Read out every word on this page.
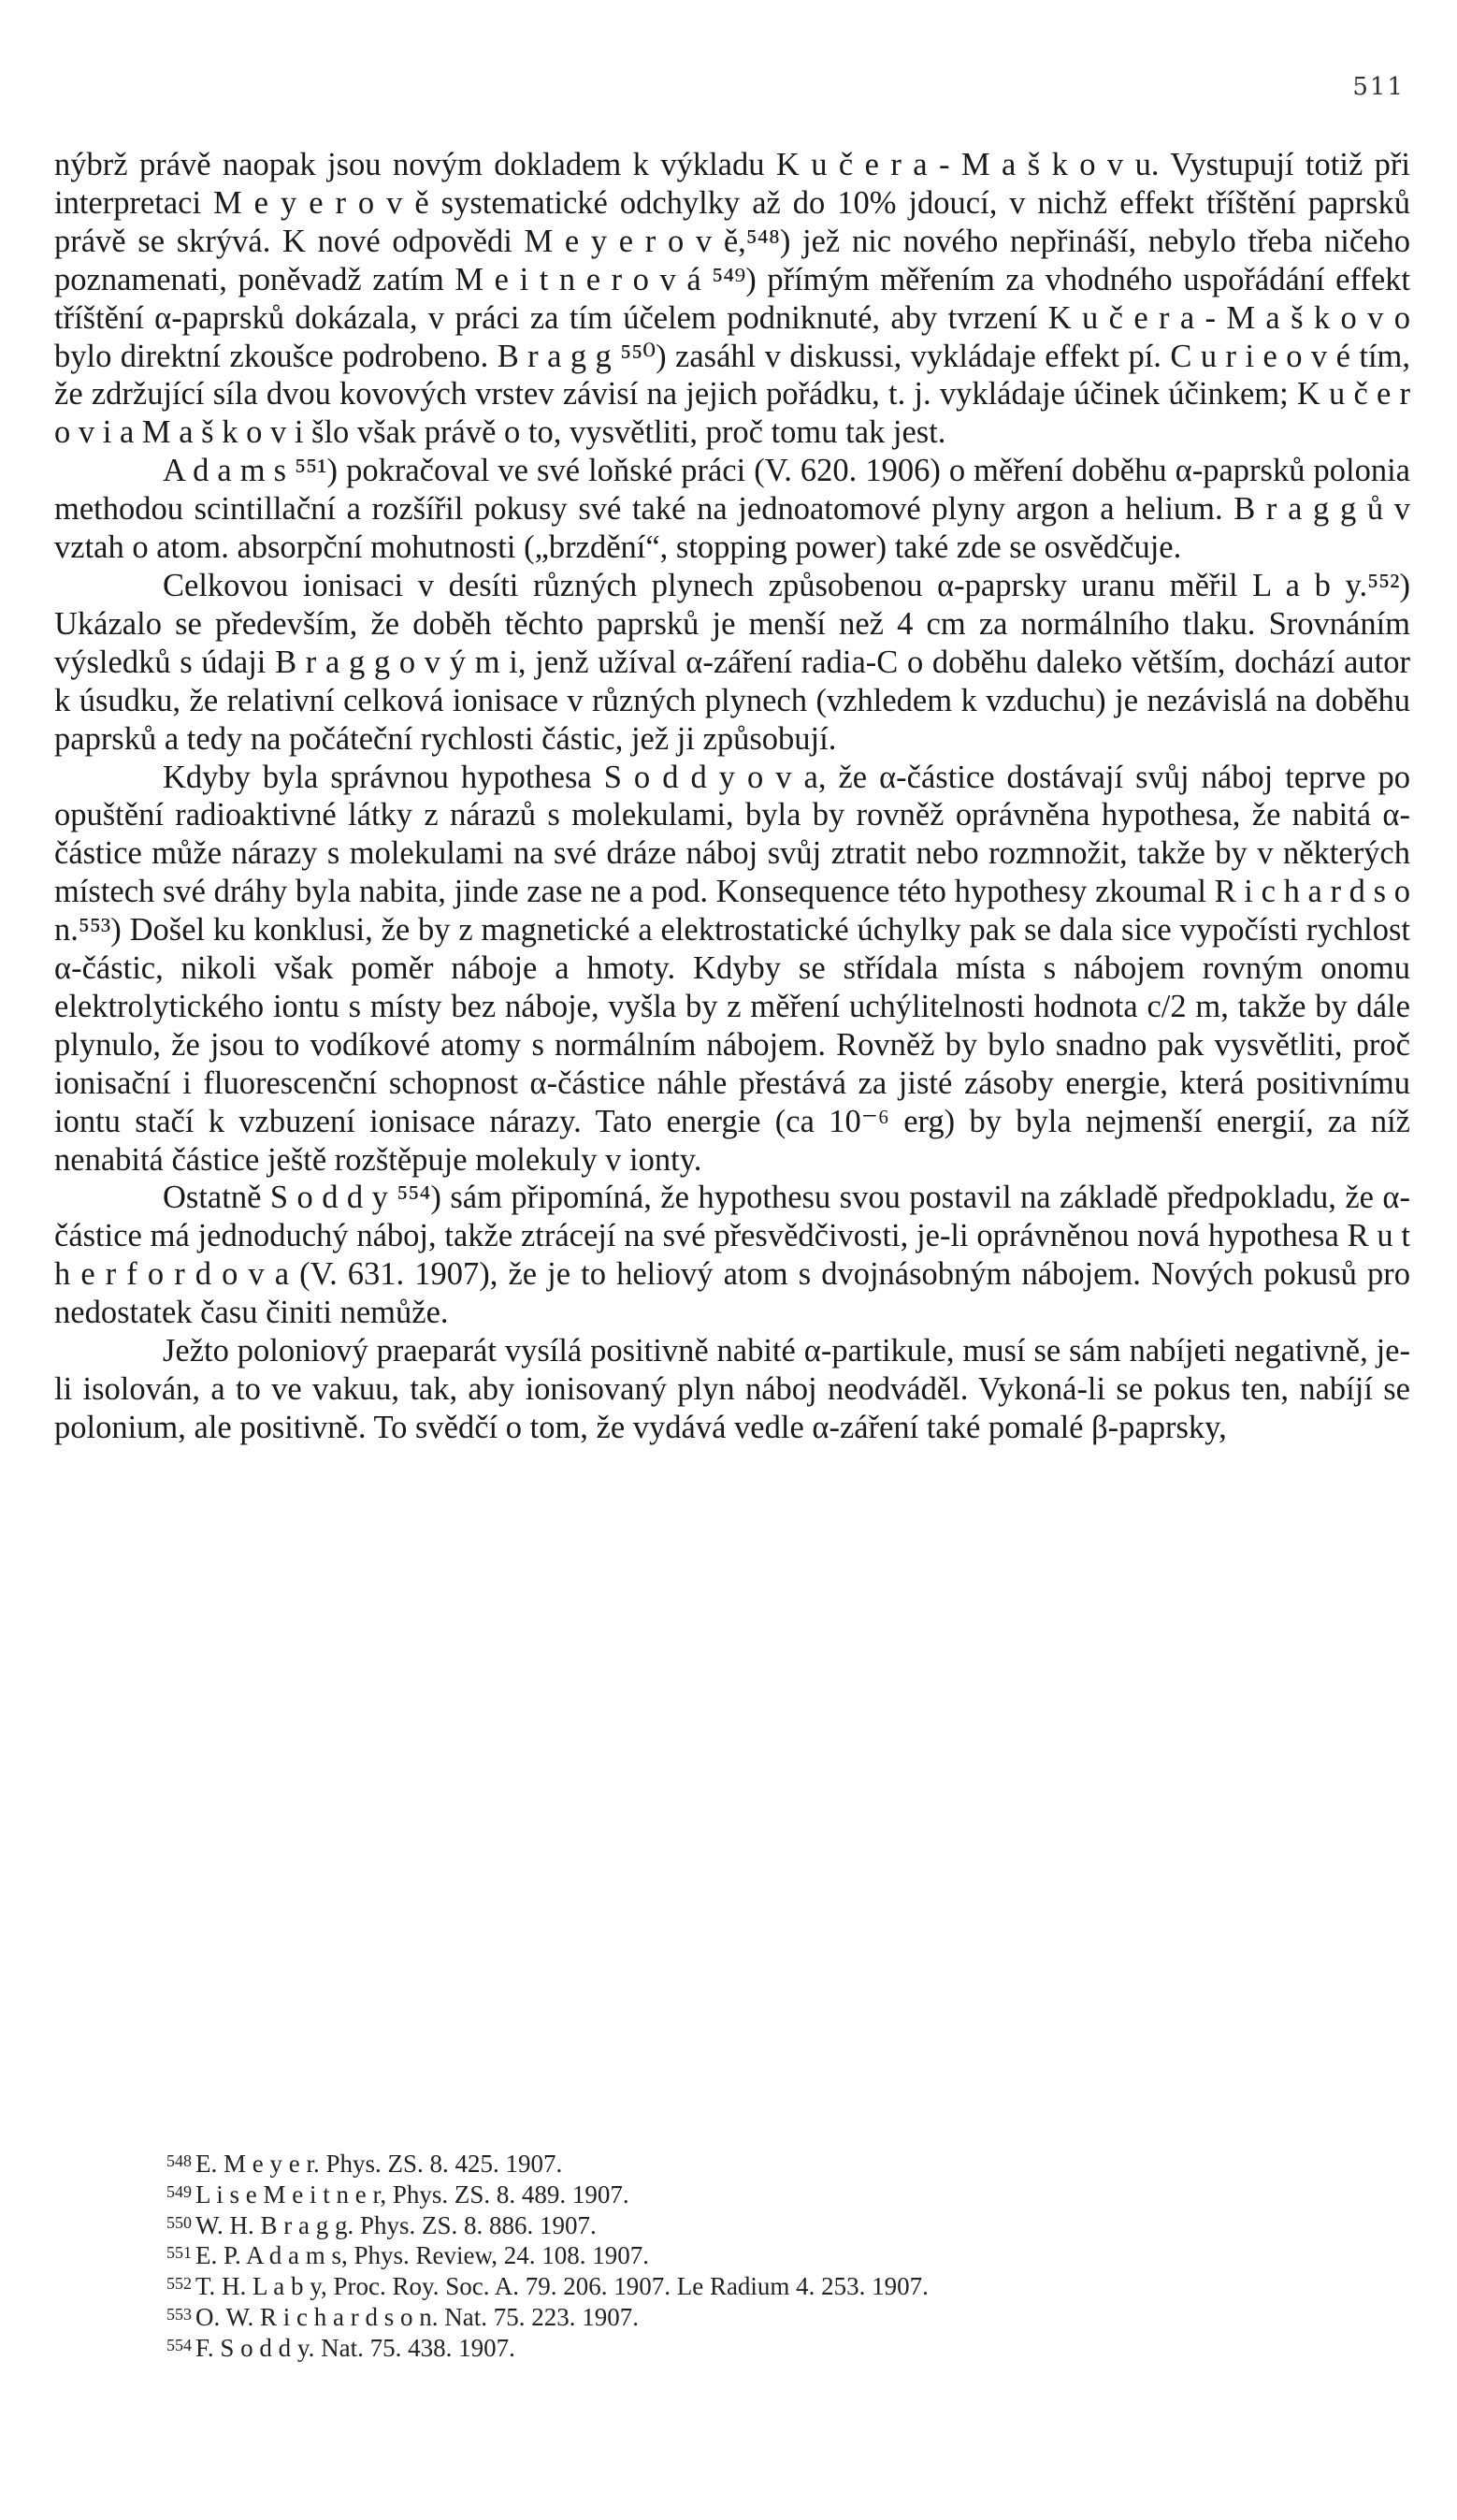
511

nýbrž právě naopak jsou novým dokladem k výkladu K u č e r a - M a š k o v u. Vystupují totiž při interpretaci M e y e r o v ě systematické odchylky až do 10% jdoucí, v nichž effekt tříštění paprsků právě se skrývá. K nové odpovědi M e y e r o v ě,⁵⁴⁸) jež nic nového nepřináší, nebylo třeba ničeho poznamenati, poněvadž zatím M e i t n e r o v á ⁵⁴⁹) přímým měřením za vhodného uspořádání effekt tříštění α-paprsků dokázala, v práci za tím účelem podniknuté, aby tvrzení K u č e r a - M a š k o v o bylo direktní zkoušce podrobeno. B r a g g ⁵⁵⁰) zasáhl v diskussi, vykládaje effekt pí. C u r i e o v é tím, že zdržující síla dvou kovových vrstev závisí na jejich pořádku, t. j. vykládaje účinek účinkem; K u č e r o v i a M a š k o v i šlo však právě o to, vysvětliti, proč tomu tak jest.

A d a m s ⁵⁵¹) pokračoval ve své loňské práci (V. 620. 1906) o měření doběhu α-paprsků polonia methodou scintillační a rozšířil pokusy své také na jednoatomové plyny argon a helium. B r a g g ů v vztah o atom. absorpční mohutnosti („brzdění“, stopping power) také zde se osvědčuje.

Celkovou ionisaci v desíti různých plynech způsobenou α-paprsky uranu měřil L a b y.⁵⁵²) Ukázalo se především, že doběh těchto paprsků je menší než 4 cm za normálního tlaku. Srovnáním výsledků s údaji B r a g g o v ý m i, jenž užíval α-záření radia-C o doběhu daleko větším, dochází autor k úsudku, že relativní celková ionisace v různých plynech (vzhledem k vzduchu) je nezávislá na doběhu paprsků a tedy na počáteční rychlosti částic, jež ji způsobují.

Kdyby byla správnou hypothesa S o d d y o v a, že α-částice dostávají svůj náboj teprve po opuštění radioaktivné látky z nárazů s molekulami, byla by rovněž oprávněna hypothesa, že nabitá α-částice může nárazy s molekulami na své dráze náboj svůj ztratit nebo rozmnožit, takže by v některých místech své dráhy byla nabita, jinde zase ne a pod. Konsequence této hypothesy zkoumal R i c h a r d s o n.⁵⁵³) Došel ku konklusi, že by z magnetické a elektrostatické úchylky pak se dala sice vypočísti rychlost α-částic, nikoli však poměr náboje a hmoty. Kdyby se střídala místa s nábojem rovným onomu elektrolytického iontu s místy bez náboje, vyšla by z měření uchýlitelnosti hodnota c/2 m, takže by dále plynulo, že jsou to vodíkové atomy s normálním nábojem. Rovněž by bylo snadno pak vysvětliti, proč ionisační i fluorescenční schopnost α-částice náhle přestává za jisté zásoby energie, která positivnímu iontu stačí k vzbuzení ionisace nárazy. Tato energie (ca 10⁻⁶ erg) by byla nejmenší energií, za níž nenabitá částice ještě rozštěpuje molekuly v ionty.

Ostatně S o d d y ⁵⁵⁴) sám připomíná, že hypothesu svou postavil na základě předpokladu, že α-částice má jednoduchý náboj, takže ztrácejí na své přesvědčivosti, je-li oprávněnou nová hypothesa R u t h e r f o r d o v a (V. 631. 1907), že je to heliový atom s dvojnásobným nábojem. Nových pokusů pro nedostatek času činiti nemůže.

Ježto poloniový praeparát vysílá positivně nabité α-partikule, musí se sám nabíjeti negativně, je-li isolován, a to ve vakuu, tak, aby ionisovaný plyn náboj neodváděl. Vykoná-li se pokus ten, nabíjí se polonium, ale positivně. To svědčí o tom, že vydává vedle α-záření také pomalé β-paprsky,

$^{548}$ E. M e y e r. Phys. ZS. 8. 425. 1907.
$^{549}$ L i s e M e i t n e r, Phys. ZS. 8. 489. 1907.
$^{550}$ W. H. B r a g g. Phys. ZS. 8. 886. 1907.
$^{551}$ E. P. A d a m s, Phys. Review, 24. 108. 1907.
$^{552}$ T. H. L a b y, Proc. Roy. Soc. A. 79. 206. 1907. Le Radium 4. 253. 1907.
$^{553}$ O. W. R i c h a r d s o n. Nat. 75. 223. 1907.
$^{554}$ F. S o d d y. Nat. 75. 438. 1907.
